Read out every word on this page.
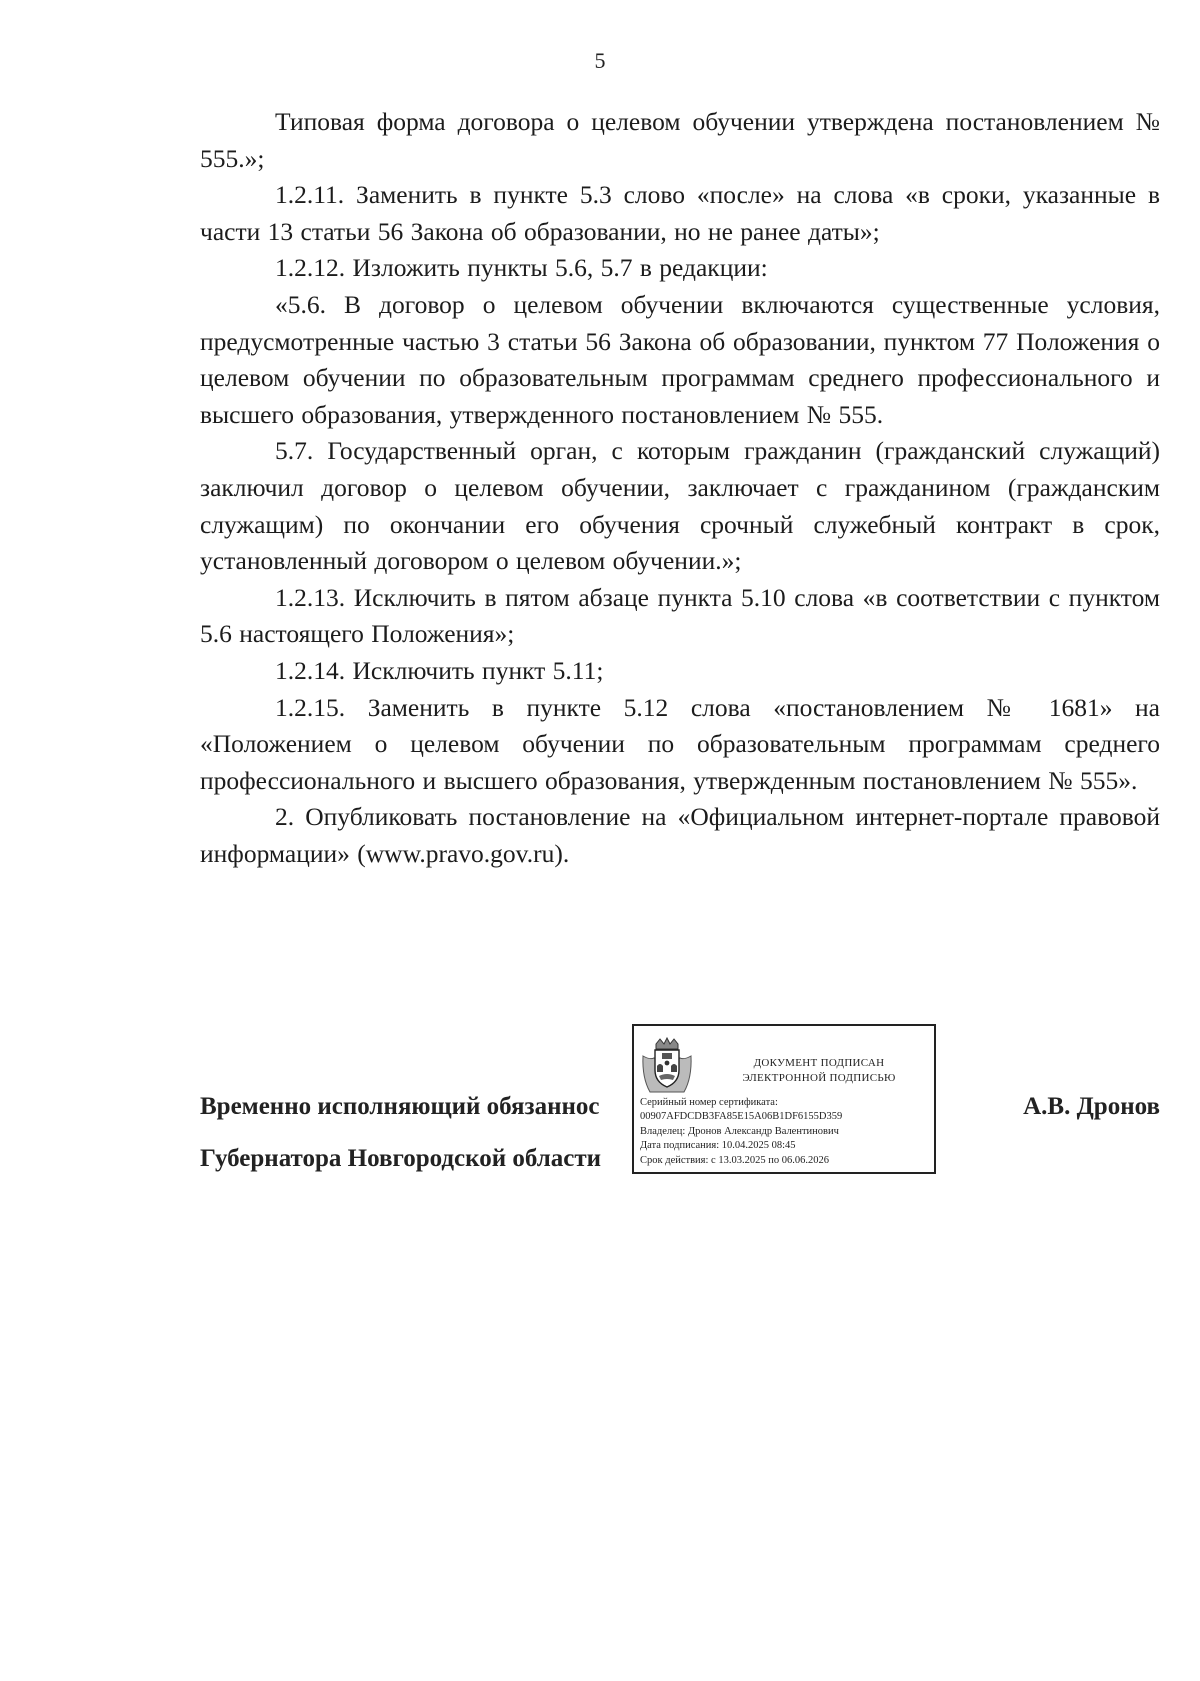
5

Типовая форма договора о целевом обучении утверждена постановлением № 555.»;

1.2.11. Заменить в пункте 5.3 слово «после» на слова «в сроки, указанные в части 13 статьи 56 Закона об образовании, но не ранее даты»;

1.2.12. Изложить пункты 5.6, 5.7 в редакции:

«5.6. В договор о целевом обучении включаются существенные условия, предусмотренные частью 3 статьи 56 Закона об образовании, пунктом 77 Положения о целевом обучении по образовательным программам среднего профессионального и высшего образования, утвержденного постановлением № 555.

5.7. Государственный орган, с которым гражданин (гражданский служащий) заключил договор о целевом обучении, заключает с гражданином (гражданским служащим) по окончании его обучения срочный служебный контракт в срок, установленный договором о целевом обучении.»;

1.2.13. Исключить в пятом абзаце пункта 5.10 слова «в соответствии с пунктом 5.6 настоящего Положения»;

1.2.14. Исключить пункт 5.11;

1.2.15. Заменить в пункте 5.12 слова «постановлением № 1681» на «Положением о целевом обучении по образовательным программам среднего профессионального и высшего образования, утвержденным постановлением № 555».

2. Опубликовать постановление на «Официальном интернет-портале правовой информации» (www.pravo.gov.ru).

Временно исполняющий обязаннос

Губернатора Новгородской области

А.В. Дронов
ДОКУМЕНТ ПОДПИСАН
ЭЛЕКТРОННОЙ ПОДПИСЬЮ
Серийный номер сертификата:
00907AFDCDB3FA85E15A06B1DF6155D359
Владелец: Дронов Александр Валентинович
Дата подписания: 10.04.2025 08:45
Срок действия: с 13.03.2025 по 06.06.2026
